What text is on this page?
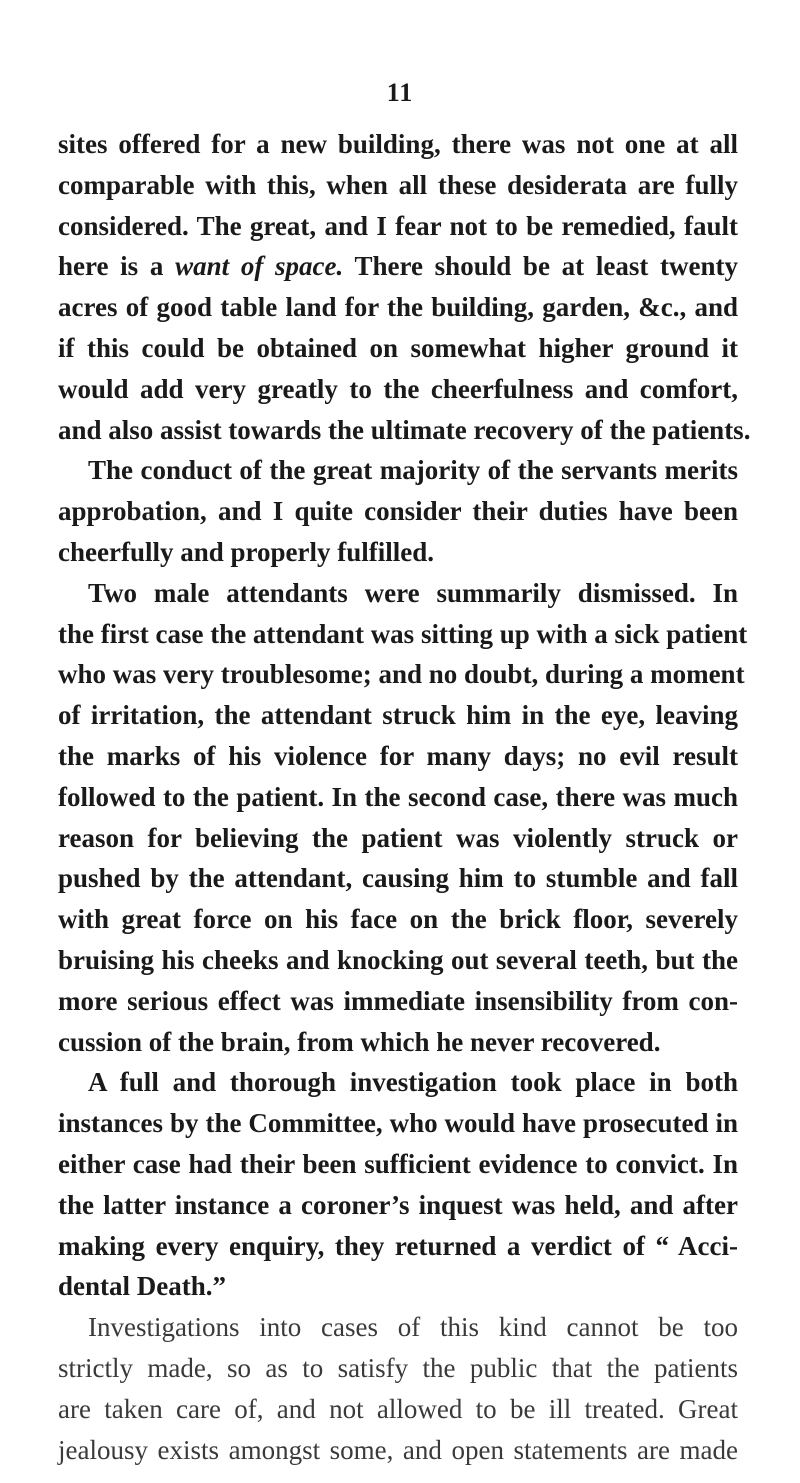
11
sites offered for a new building, there was not one at all
comparable with this, when all these desiderata are fully
considered. The great, and I fear not to be remedied, fault
here is a want of space. There should be at least twenty
acres of good table land for the building, garden, &c., and
if this could be obtained on somewhat higher ground it
would add very greatly to the cheerfulness and comfort,
and also assist towards the ultimate recovery of the patients.
The conduct of the great majority of the servants merits
approbation, and I quite consider their duties have been
cheerfully and properly fulfilled.
Two male attendants were summarily dismissed. In
the first case the attendant was sitting up with a sick patient
who was very troublesome; and no doubt, during a moment
of irritation, the attendant struck him in the eye, leaving
the marks of his violence for many days; no evil result
followed to the patient. In the second case, there was much
reason for believing the patient was violently struck or
pushed by the attendant, causing him to stumble and fall
with great force on his face on the brick floor, severely
bruising his cheeks and knocking out several teeth, but the
more serious effect was immediate insensibility from con-
cussion of the brain, from which he never recovered.
A full and thorough investigation took place in both
instances by the Committee, who would have prosecuted in
either case had their been sufficient evidence to convict. In
the latter instance a coroner’s inquest was held, and after
making every enquiry, they returned a verdict of “ Acci-
dental Death.”
Investigations into cases of this kind cannot be too
strictly made, so as to satisfy the public that the patients
are taken care of, and not allowed to be ill treated. Great
jealousy exists amongst some, and open statements are made
